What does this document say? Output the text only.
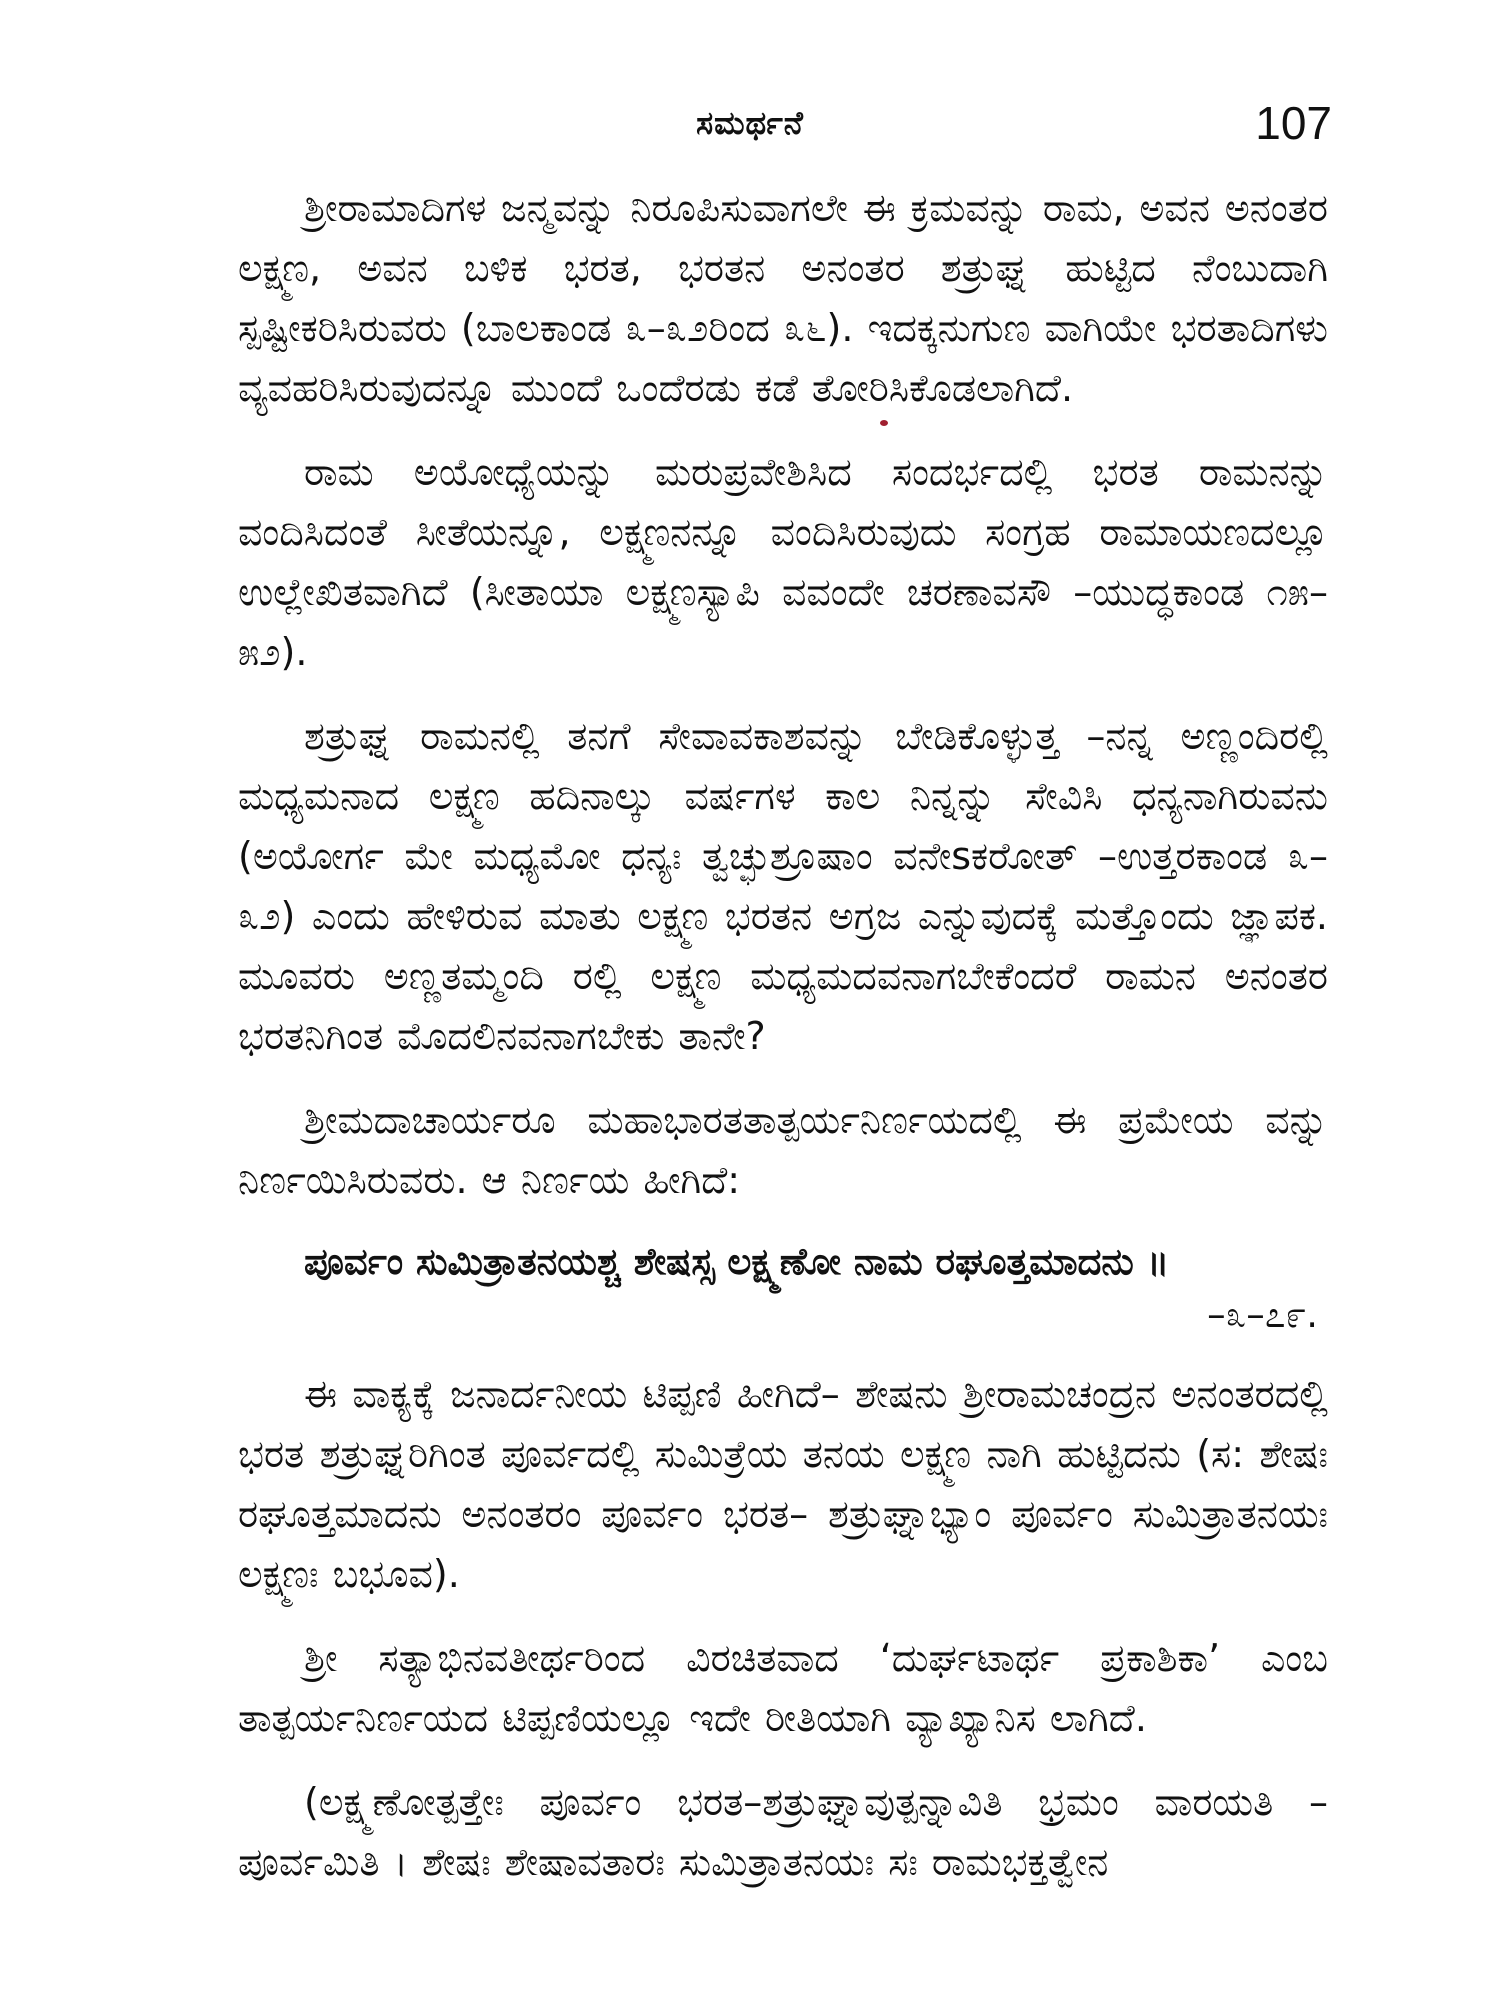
ಸಮರ್ಥನೆ	107

ಶ್ರೀರಾಮಾದಿಗಳ ಜನ್ಮವನ್ನು ನಿರೂಪಿಸುವಾಗಲೇ ಈ ಕ್ರಮವನ್ನು ರಾಮ, ಅವನ ಅನಂತರ ಲಕ್ಷ್ಮಣ, ಅವನ ಬಳಿಕ ಭರತ, ಭರತನ ಅನಂತರ ಶತ್ರುಘ್ನ ಹುಟ್ಟಿದ ನೆಂಬುದಾಗಿ ಸ್ಪಷ್ಟೀಕರಿಸಿರುವರು (ಬಾಲಕಾಂಡ ೩–೩೨ರಿಂದ ೩೬). ಇದಕ್ಕನುಗುಣ ವಾಗಿಯೇ ಭರತಾದಿಗಳು ವ್ಯವಹರಿಸಿರುವುದನ್ನೂ ಮುಂದೆ ಒಂದೆರಡು ಕಡೆ ತೋರಿಸಿಕೊಡಲಾಗಿದೆ.

ರಾಮ ಅಯೋಧ್ಯೆಯನ್ನು ಮರುಪ್ರವೇಶಿಸಿದ ಸಂದರ್ಭದಲ್ಲಿ ಭರತ ರಾಮನನ್ನು ವಂದಿಸಿದಂತೆ ಸೀತೆಯನ್ನೂ, ಲಕ್ಷ್ಮಣನನ್ನೂ ವಂದಿಸಿರುವುದು ಸಂಗ್ರಹ ರಾಮಾಯಣದಲ್ಲೂ ಉಲ್ಲೇಖಿತವಾಗಿದೆ (ಸೀತಾಯಾ ಲಕ್ಷ್ಮಣಸ್ಯಾಪಿ ವವಂದೇ ಚರಣಾವಸೌ –ಯುದ್ಧಕಾಂಡ ೧೫–೫೨).

ಶತ್ರುಘ್ನ ರಾಮನಲ್ಲಿ ತನಗೆ ಸೇವಾವಕಾಶವನ್ನು ಬೇಡಿಕೊಳ್ಳುತ್ತ –ನನ್ನ ಅಣ್ಣಂದಿರಲ್ಲಿ ಮಧ್ಯಮನಾದ ಲಕ್ಷ್ಮಣ ಹದಿನಾಲ್ಕು ವರ್ಷಗಳ ಕಾಲ ನಿನ್ನನ್ನು ಸೇವಿಸಿ ಧನ್ಯನಾಗಿರುವನು (ಅಯೋರ್ಗ ಮೇ ಮಧ್ಯಮೋ ಧನ್ಯಃ ತ್ವಚ್ಛುಶ್ರೂಷಾಂ ವನೇsಕರೋತ್ –ಉತ್ತರಕಾಂಡ ೩–೩೨) ಎಂದು ಹೇಳಿರುವ ಮಾತು ಲಕ್ಷ್ಮಣ ಭರತನ ಅಗ್ರಜ ಎನ್ನುವುದಕ್ಕೆ ಮತ್ತೊಂದು ಜ್ಞಾಪಕ. ಮೂವರು ಅಣ್ಣತಮ್ಮಂದಿ ರಲ್ಲಿ ಲಕ್ಷ್ಮಣ ಮಧ್ಯಮದವನಾಗಬೇಕೆಂದರೆ ರಾಮನ ಅನಂತರ ಭರತನಿಗಿಂತ ಮೊದಲಿನವನಾಗಬೇಕು ತಾನೇ?

ಶ್ರೀಮದಾಚಾರ್ಯರೂ ಮಹಾಭಾರತತಾತ್ಪರ್ಯನಿರ್ಣಯದಲ್ಲಿ ಈ ಪ್ರಮೇಯ ವನ್ನು ನಿರ್ಣಯಿಸಿರುವರು. ಆ ನಿರ್ಣಯ ಹೀಗಿದೆ:

ಪೂರ್ವಂ ಸುಮಿತ್ರಾತನಯಶ್ಚ ಶೇಷಸ್ಸ ಲಕ್ಷ್ಮಣೋ ನಾಮ ರಘೂತ್ತಮಾದನು ॥

–೩–೭೯.

ಈ ವಾಕ್ಯಕ್ಕೆ ಜನಾರ್ದನೀಯ ಟಿಪ್ಪಣಿ ಹೀಗಿದೆ– ಶೇಷನು ಶ್ರೀರಾಮಚಂದ್ರನ ಅನಂತರದಲ್ಲಿ ಭರತ ಶತ್ರುಘ್ನರಿಗಿಂತ ಪೂರ್ವದಲ್ಲಿ ಸುಮಿತ್ರೆಯ ತನಯ ಲಕ್ಷ್ಮಣ ನಾಗಿ ಹುಟ್ಟಿದನು (ಸ: ಶೇಷಃ ರಘೂತ್ತಮಾದನು ಅನಂತರಂ ಪೂರ್ವಂ ಭರತ– ಶತ್ರುಘ್ನಾಭ್ಯಾಂ ಪೂರ್ವಂ ಸುಮಿತ್ರಾತನಯಃ ಲಕ್ಷ್ಮಣಃ ಬಭೂವ).

ಶ್ರೀ ಸತ್ಯಾಭಿನವತೀರ್ಥರಿಂದ ವಿರಚಿತವಾದ ‘ದುರ್ಘಟಾರ್ಥ ಪ್ರಕಾಶಿಕಾ’ ಎಂಬ ತಾತ್ಪರ್ಯನಿರ್ಣಯದ ಟಿಪ್ಪಣಿಯಲ್ಲೂ ಇದೇ ರೀತಿಯಾಗಿ ವ್ಯಾಖ್ಯಾನಿಸ ಲಾಗಿದೆ.

(ಲಕ್ಷ್ಮಣೋತ್ಪತ್ತೇಃ ಪೂರ್ವಂ ಭರತ–ಶತ್ರುಘ್ನಾವುತ್ಪನ್ನಾವಿತಿ ಭ್ರಮಂ ವಾರಯತಿ –ಪೂರ್ವಮಿತಿ । ಶೇಷಃ ಶೇಷಾವತಾರಃ ಸುಮಿತ್ರಾತನಯಃ ಸಃ ರಾಮಭಕ್ತತ್ವೇನ
